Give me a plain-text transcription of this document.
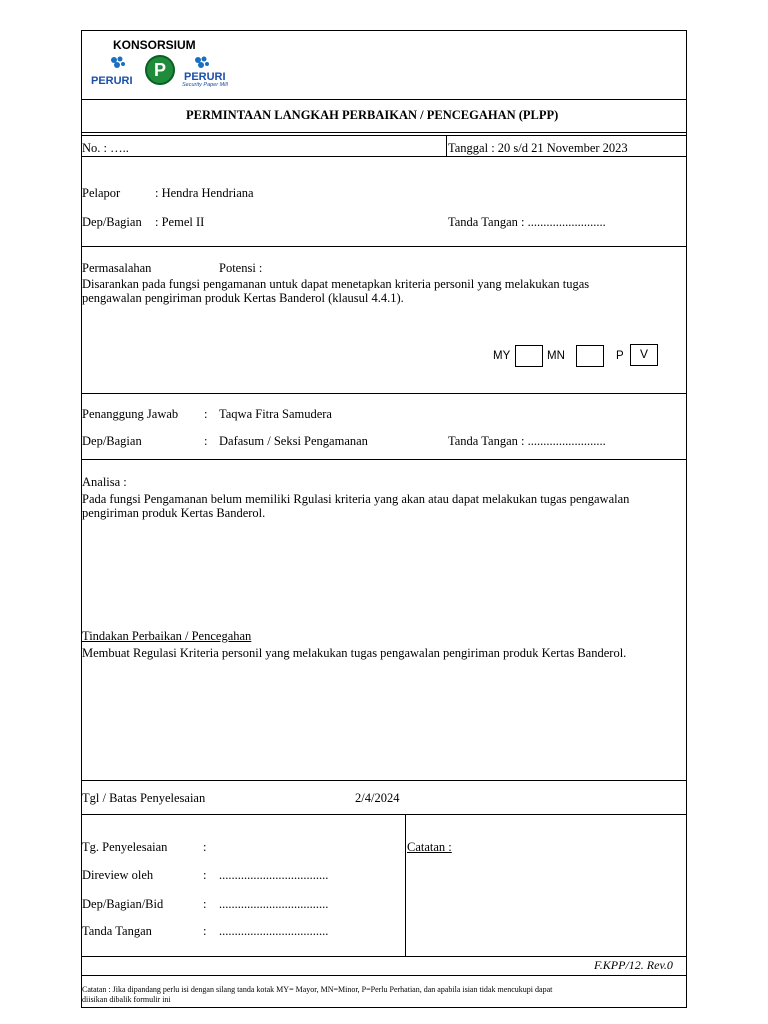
KONSORSIUM
PERURI
P	PERURI
Security Paper Mill
PERMINTAAN LANGKAH PERBAIKAN / PENCEGAHAN (PLPP)
No. : …..	Tanggal : 20 s/d 21 November 2023
Pelapor	: Hendra Hendriana
Dep/Bagian : Pemel II	Tanda Tangan : .........................
Permasalahan	Potensi :
Disarankan pada fungsi pengamanan untuk dapat menetapkan kriteria personil yang melakukan tugas
pengawalan pengiriman produk Kertas Banderol (klausul 4.4.1).
MY	MN	P	V
Penanggung Jawab : Taqwa Fitra Samudera
Dep/Bagian	: Dafasum / Seksi Pengamanan	Tanda Tangan : .........................
Analisa :
Pada fungsi Pengamanan belum memiliki Rgulasi kriteria yang akan atau dapat melakukan tugas pengawalan
pengiriman produk Kertas Banderol.
Tindakan Perbaikan / Pencegahan
Membuat Regulasi Kriteria personil yang melakukan tugas pengawalan pengiriman produk Kertas Banderol.
Tgl / Batas Penyelesaian	2/4/2024
Tg. Penyelesaian	:
Direview oleh	: ...................................
Dep/Bagian/Bid	: ...................................
Tanda Tangan	: ...................................
Catatan :
F.KPP/12. Rev.0
Catatan : Jika dipandang perlu isi dengan silang tanda kotak MY= Mayor, MN=Minor, P=Perlu Perhatian, dan apabila isian tidak mencukupi dapat
diisikan dibalik formulir ini
